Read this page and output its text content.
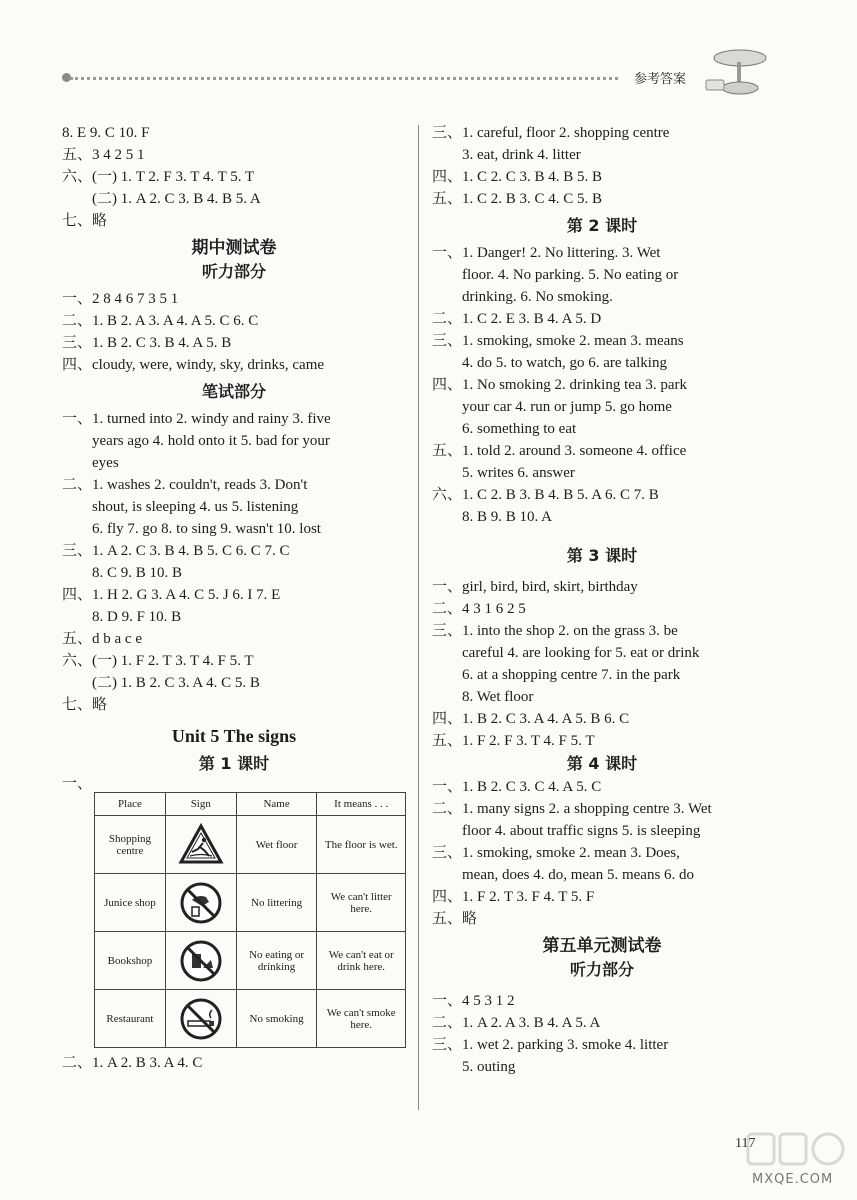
参考答案
8. E 9. C 10. F
五、3 4 2 5 1
六、(一) 1. T 2. F 3. T 4. T 5. T
(二) 1. A 2. C 3. B 4. B 5. A
七、略
期中测试卷
听力部分
一、2 8 4 6 7 3 5 1
二、1. B 2. A 3. A 4. A 5. C 6. C
三、1. B 2. C 3. B 4. A 5. B
四、cloudy, were, windy, sky, drinks, came
笔试部分
一、1. turned into 2. windy and rainy 3. five
years ago 4. hold onto it 5. bad for your
eyes
二、1. washes 2. couldn't, reads 3. Don't
shout, is sleeping 4. us 5. listening
6. fly 7. go 8. to sing 9. wasn't 10. lost
三、1. A 2. C 3. B 4. B 5. C 6. C 7. C
8. C 9. B 10. B
四、1. H 2. G 3. A 4. C 5. J 6. I 7. E
8. D 9. F 10. B
五、d b a c e
六、(一) 1. F 2. T 3. T 4. F 5. T
(二) 1. B 2. C 3. A 4. C 5. B
七、略
Unit 5 The signs
第 1 课时
一、
Place	Sign	Name	It means . . .
Shopping centre		Wet floor	The floor is wet.
Junice shop		No littering	We can't litter here.
Bookshop		No eating or drinking	We can't eat or drink here.
Restaurant		No smoking	We can't smoke here.
二、1. A 2. B 3. A 4. C
三、1. careful, floor 2. shopping centre
3. eat, drink 4. litter
四、1. C 2. C 3. B 4. B 5. B
五、1. C 2. B 3. C 4. C 5. B
第 2 课时
一、1. Danger! 2. No littering. 3. Wet
floor. 4. No parking. 5. No eating or
drinking. 6. No smoking.
二、1. C 2. E 3. B 4. A 5. D
三、1. smoking, smoke 2. mean 3. means
4. do 5. to watch, go 6. are talking
四、1. No smoking 2. drinking tea 3. park
your car 4. run or jump 5. go home
6. something to eat
五、1. told 2. around 3. someone 4. office
5. writes 6. answer
六、1. C 2. B 3. B 4. B 5. A 6. C 7. B
8. B 9. B 10. A
第 3 课时
一、girl, bird, bird, skirt, birthday
二、4 3 1 6 2 5
三、1. into the shop 2. on the grass 3. be
careful 4. are looking for 5. eat or drink
6. at a shopping centre 7. in the park
8. Wet floor
四、1. B 2. C 3. A 4. A 5. B 6. C
五、1. F 2. F 3. T 4. F 5. T
第 4 课时
一、1. B 2. C 3. C 4. A 5. C
二、1. many signs 2. a shopping centre 3. Wet
floor 4. about traffic signs 5. is sleeping
三、1. smoking, smoke 2. mean 3. Does,
mean, does 4. do, mean 5. means 6. do
四、1. F 2. T 3. F 4. T 5. F
五、略
第五单元测试卷
听力部分
一、4 5 3 1 2
二、1. A 2. A 3. B 4. A 5. A
三、1. wet 2. parking 3. smoke 4. litter
5. outing
117
MXQE.COM
